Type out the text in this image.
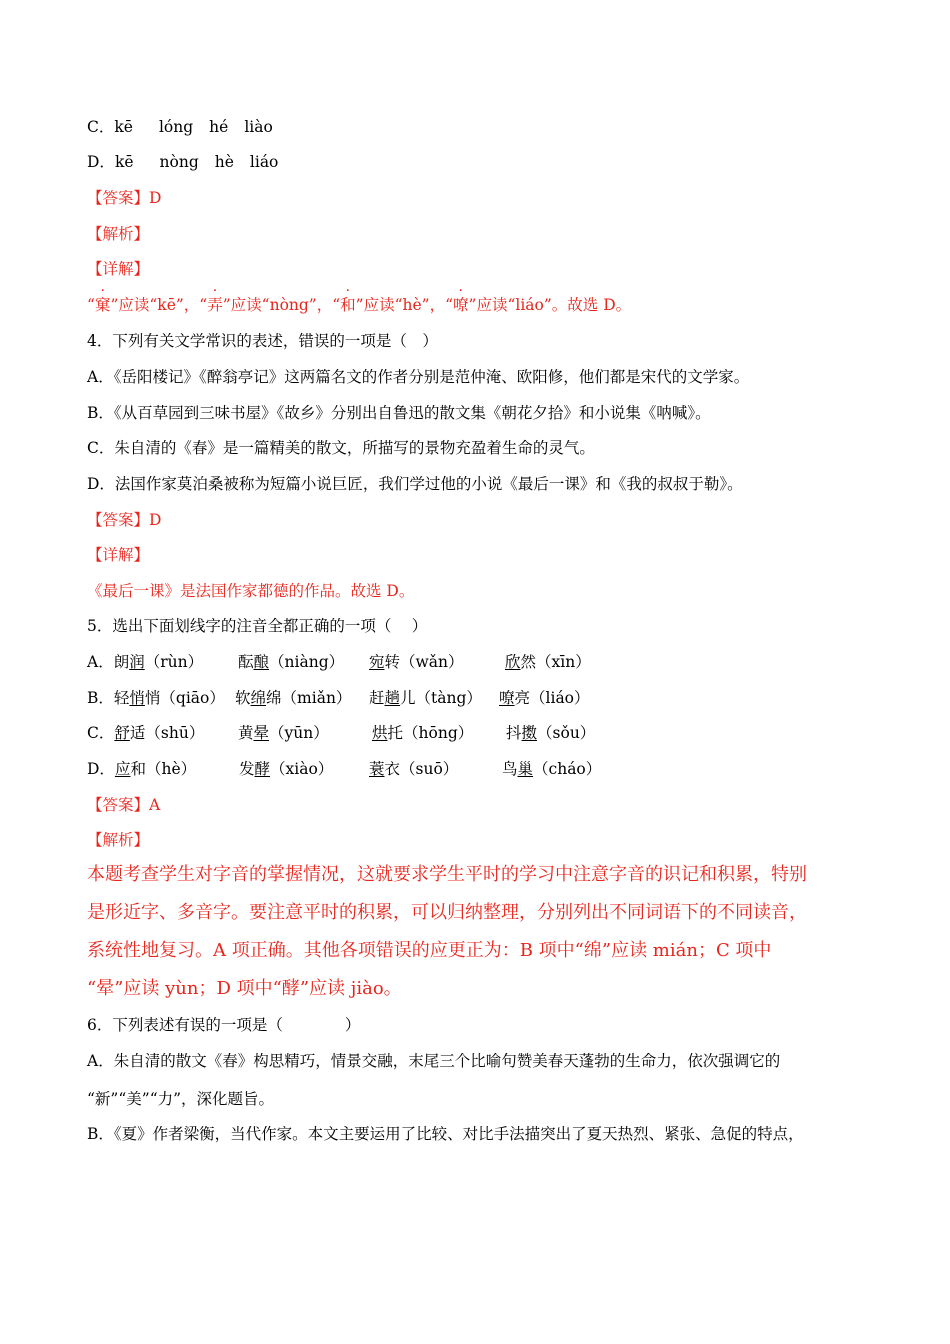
C．kē lóng hé liào
D．kē nòng hè liáo
【答案】D
【解析】
【详解】
“窠”应读“kē”，“弄”应读“nòng”，“和”应读“hè”，“嘹”应读“liáo”。故选 D。
4．下列有关文学常识的表述，错误的一项是（　）
A．《岳阳楼记》《醉翁亭记》这两篇名文的作者分别是范仲淹、欧阳修，他们都是宋代的文学家。
B．《从百草园到三味书屋》《故乡》分别出自鲁迅的散文集《朝花夕拾》和小说集《呐喊》。
C．朱自清的《春》是一篇精美的散文，所描写的景物充盈着生命的灵气。
D．法国作家莫泊桑被称为短篇小说巨匠，我们学过他的小说《最后一课》和《我的叔叔于勒》。
【答案】D
【详解】
《最后一课》是法国作家都德的作品。故选 D。
5．选出下面划线字的注音全都正确的一项（　 ）
A．朗润（rùn） 酝酿（niàng） 宛转（wǎn）	欣然（xīn）
B．轻悄悄（qiāo） 软绵绵（miǎn） 赶趟儿（tàng） 嘹亮（liáo）
C．舒适（shū） 黄晕（yūn）	烘托（hōng） 抖擞（sǒu）
D．应和（hè）	发酵（xiào） 蓑衣（suō）	鸟巢（cháo）
【答案】A
【解析】
本题考查学生对字音的掌握情况，这就要求学生平时的学习中注意字音的识记和积累，特别
是形近字、多音字。要注意平时的积累，可以归纳整理，分别列出不同词语下的不同读音，
系统性地复习。A 项正确。其他各项错误的应更正为：B 项中“绵”应读 mián；C 项中
“晕”应读 yùn；D 项中“酵”应读 jiào。
6．下列表述有误的一项是（　　　　）
A．朱自清的散文《春》构思精巧，情景交融，末尾三个比喻句赞美春天蓬勃的生命力，依次强调它的
“新”“美”“力”，深化题旨。
B．《夏》作者梁衡，当代作家。本文主要运用了比较、对比手法描突出了夏天热烈、紧张、急促的特点，
